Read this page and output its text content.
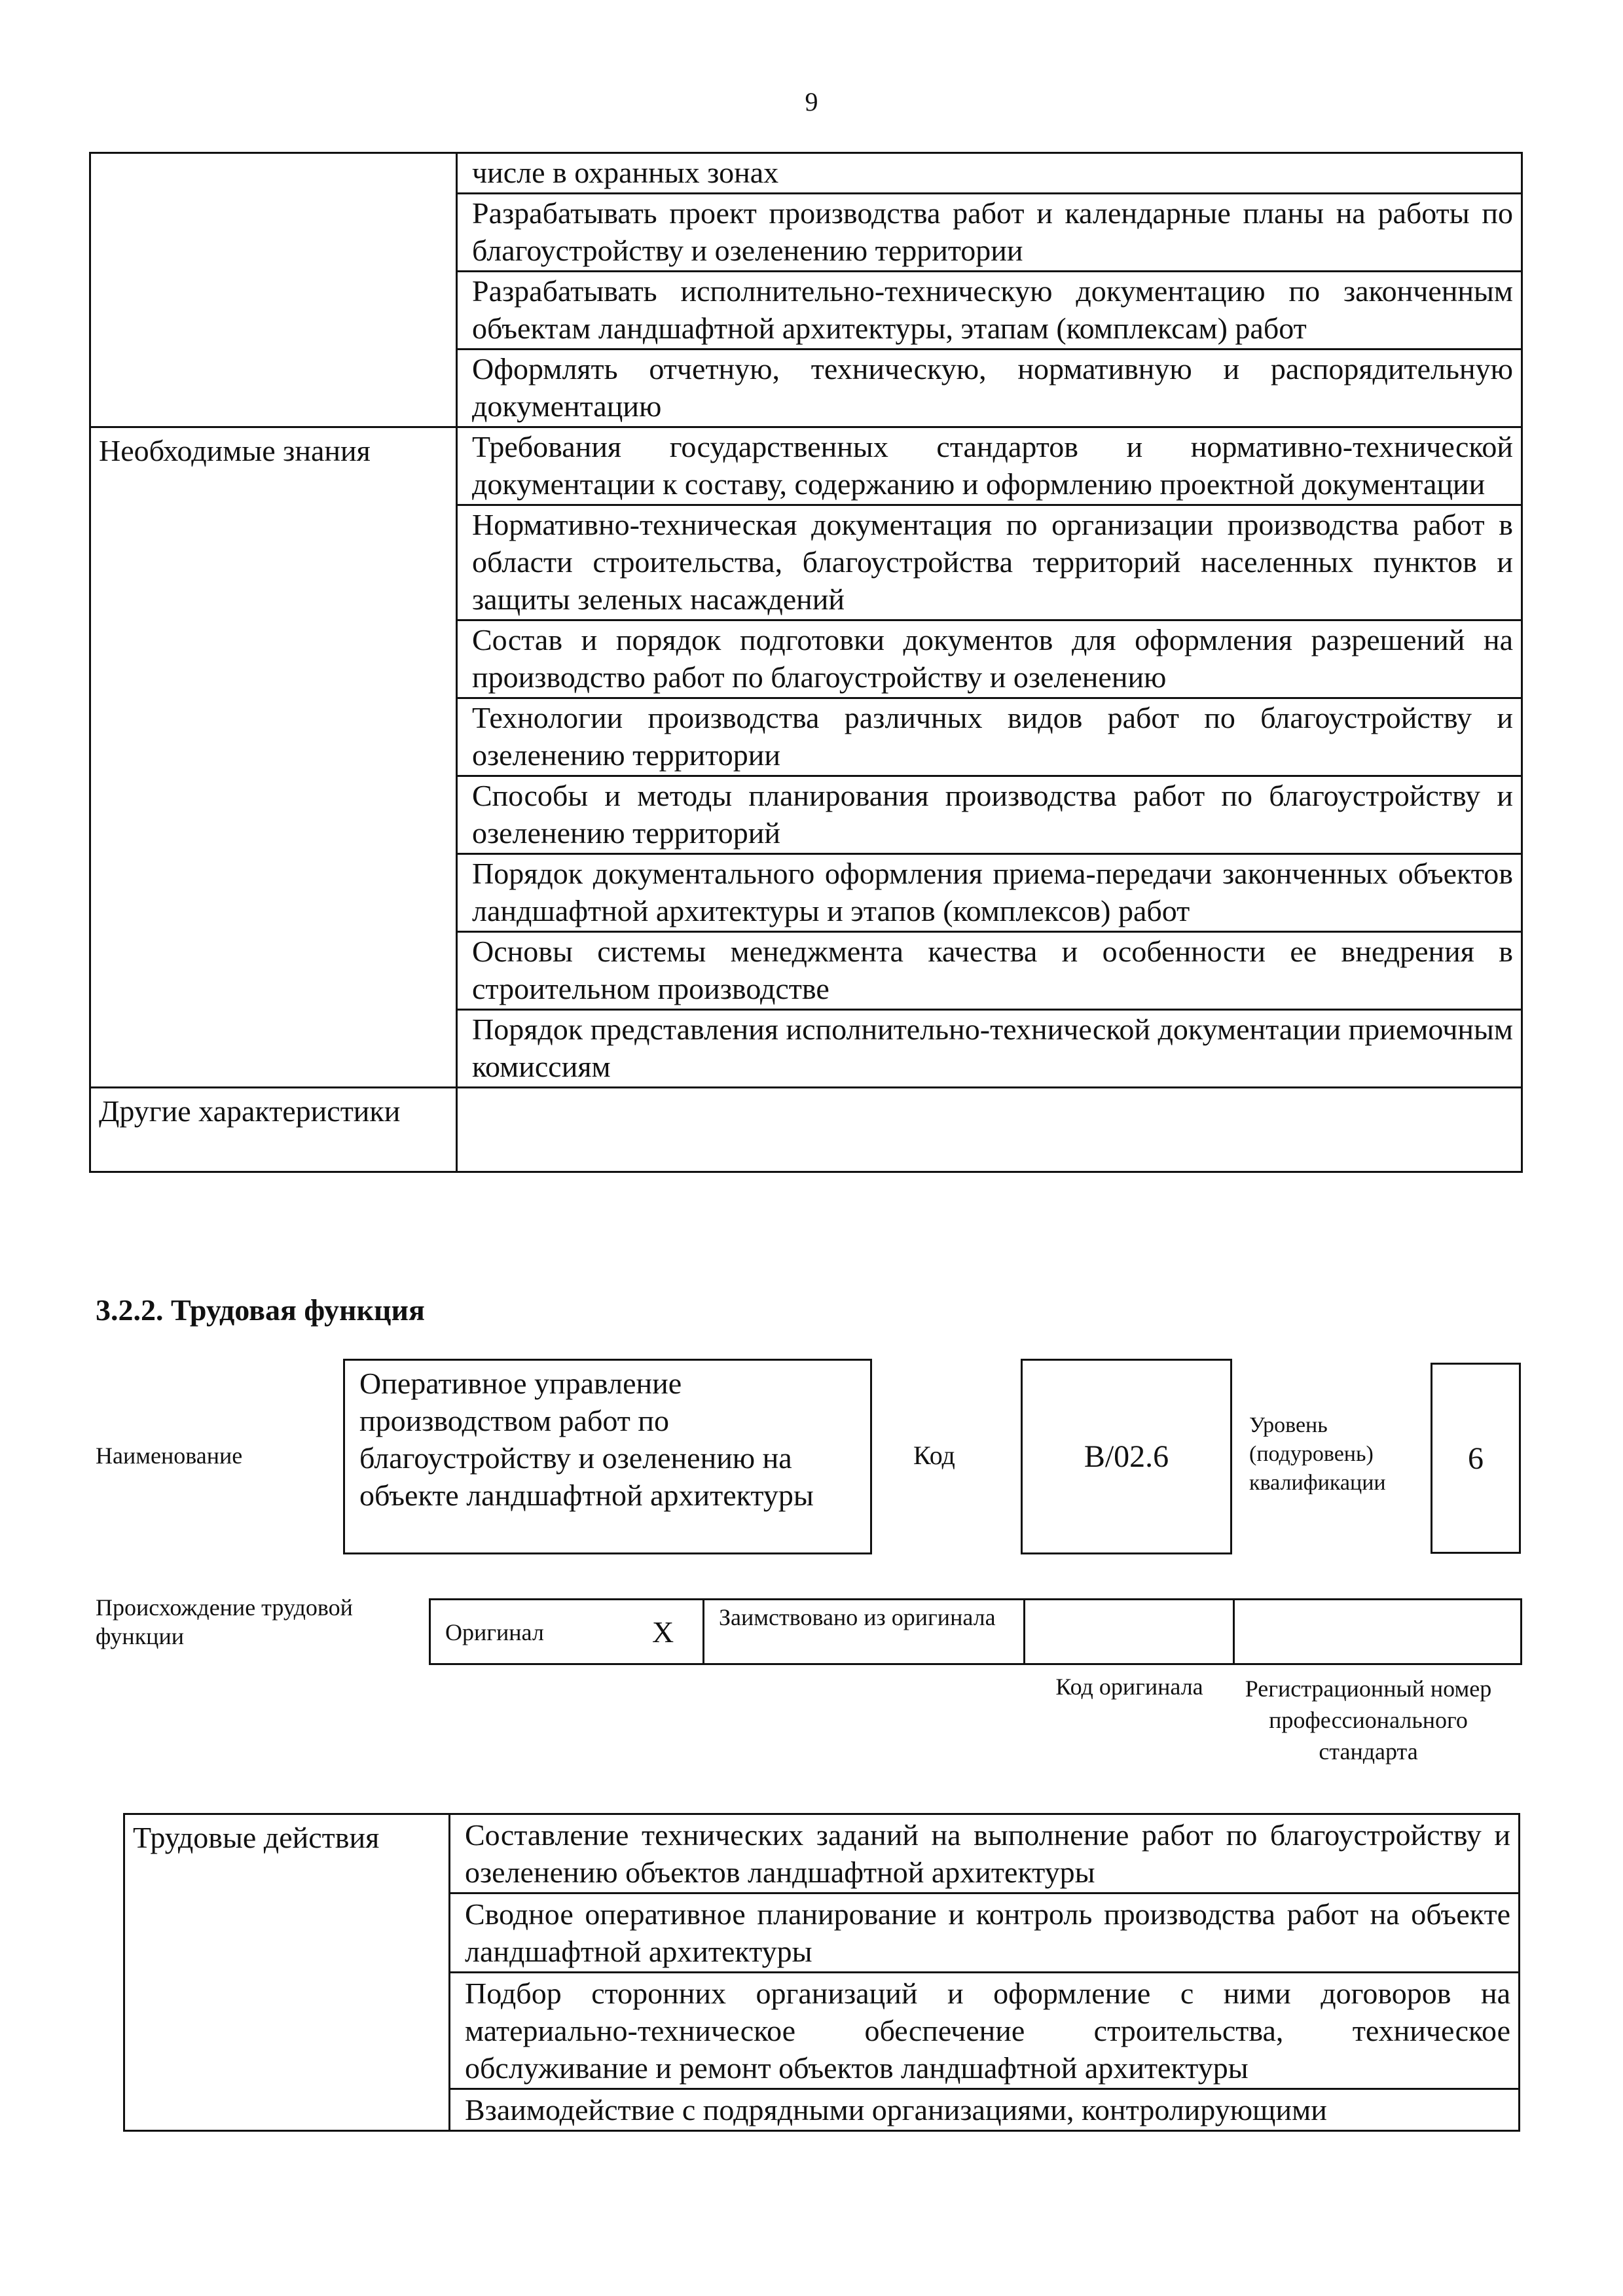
9
	числе в охранных зонах
	Разрабатывать проект производства работ и календарные планы на работы по благоустройству и озеленению территории
	Разрабатывать исполнительно-техническую документацию по законченным объектам ландшафтной архитектуры, этапам (комплексам) работ
	Оформлять отчетную, техническую, нормативную и распорядительную документацию
Необходимые знания	Требования государственных стандартов и нормативно-технической документации к составу, содержанию и оформлению проектной документации
	Нормативно-техническая документация по организации производства работ в области строительства, благоустройства территорий населенных пунктов и защиты зеленых насаждений
	Состав и порядок подготовки документов для оформления разрешений на производство работ по благоустройству и озеленению
	Технологии производства различных видов работ по благоустройству и озеленению территории
	Способы и методы планирования производства работ по благоустройству и озеленению территорий
	Порядок документального оформления приема-передачи законченных объектов ландшафтной архитектуры и этапов (комплексов) работ
	Основы системы менеджмента качества и особенности ее внедрения в строительном производстве
	Порядок представления исполнительно-технической документации приемочным комиссиям
Другие характеристики	
3.2.2. Трудовая функция
Наименование
Оперативное управление производством работ по благоустройству и озеленению на объекте ландшафтной архитектуры
Код	B/02.6
Уровень (подуровень) квалификации
6
Происхождение трудовой функции	Оригинал	X	Заимствовано из оригинала
Код оригинала	Регистрационный номер профессионального стандарта
Трудовые действия	Составление технических заданий на выполнение работ по благоустройству и озеленению объектов ландшафтной архитектуры
Сводное оперативное планирование и контроль производства работ на объекте ландшафтной архитектуры
Подбор сторонних организаций и оформление с ними договоров на материально-техническое обеспечение строительства, техническое обслуживание и ремонт объектов ландшафтной архитектуры
Взаимодействие с подрядными организациями, контролирующими
